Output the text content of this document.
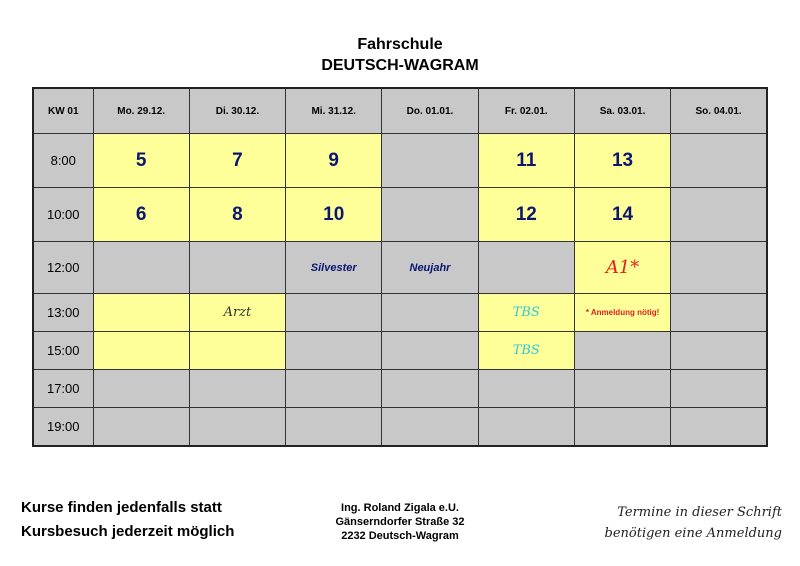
Fahrschule
DEUTSCH-WAGRAM
KW 01	Mo. 29.12.	Di. 30.12.	Mi. 31.12.	Do. 01.01.	Fr. 02.01.	Sa. 03.01.	So. 04.01.
8:00	5	7	9		11	13	
10:00	6	8	10		12	14	
12:00			Silvester	Neujahr		A1*	
13:00		Arzt			TBS	* Anmeldung nötig!	
15:00					TBS		
17:00							
19:00							
Kurse finden jedenfalls statt
Kursbesuch jederzeit möglich
Ing. Roland Zigala e.U.
Gänserndorfer Straße 32
2232 Deutsch-Wagram
Termine in dieser Schrift
benötigen eine Anmeldung
